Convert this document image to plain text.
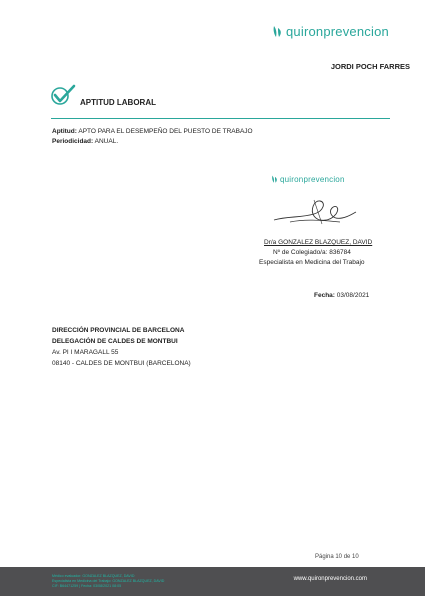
quironprevencion
JORDI POCH FARRES
APTITUD LABORAL
Aptitud: APTO PARA EL DESEMPEÑO DEL PUESTO DE TRABAJO
Periodicidad: ANUAL.
quironprevencion
Dr/a GONZALEZ BLAZQUEZ, DAVID
Nº de Colegiado/a: 836784
Especialista en Medicina del Trabajo
Fecha: 03/08/2021
DIRECCIÓN PROVINCIAL DE BARCELONA
DELEGACIÓN DE CALDES DE MONTBUI
Av. PI I MARAGALL 55
08140 - CALDES DE MONTBUI (BARCELONA)
Página 10 de 10
Médico evaluador: GONZALEZ BLAZQUEZ, DAVID
Especialista en Medicina del Trabajo: GONZALEZ BLAZQUEZ, DAVID
CIF: B64471259 | Fecha: 03/08/2021 08:05
www.quironprevencion.com
